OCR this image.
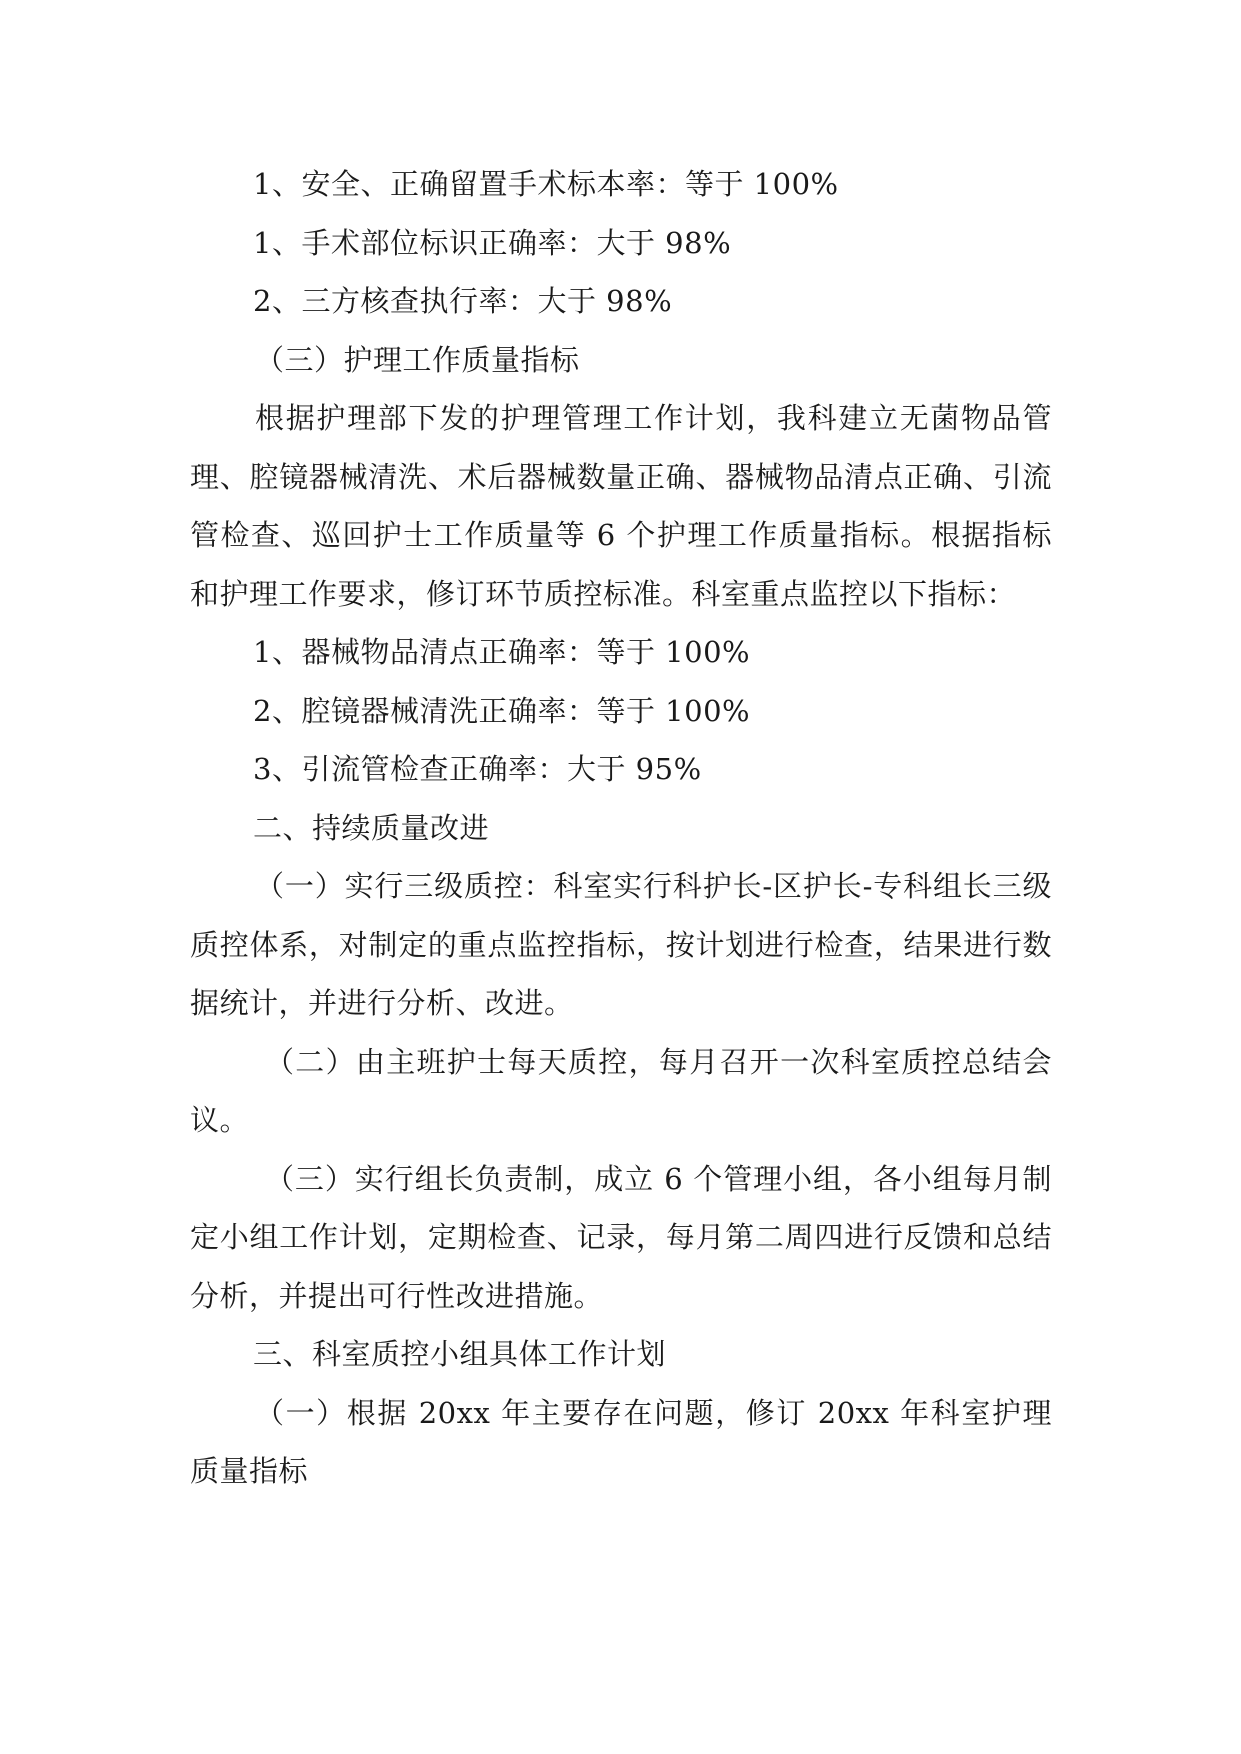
1、安全、正确留置手术标本率：等于 100%

1、手术部位标识正确率：大于 98%

2、三方核查执行率：大于 98%

（三）护理工作质量指标

根据护理部下发的护理管理工作计划，我科建立无菌物品管理、腔镜器械清洗、术后器械数量正确、器械物品清点正确、引流管检查、巡回护士工作质量等 6 个护理工作质量指标。根据指标和护理工作要求，修订环节质控标准。科室重点监控以下指标：

1、器械物品清点正确率：等于 100%

2、腔镜器械清洗正确率：等于 100%

3、引流管检查正确率：大于 95%

二、持续质量改进

（一）实行三级质控：科室实行科护长-区护长-专科组长三级质控体系，对制定的重点监控指标，按计划进行检查，结果进行数据统计，并进行分析、改进。

（二）由主班护士每天质控，每月召开一次科室质控总结会议。

（三）实行组长负责制，成立 6 个管理小组，各小组每月制定小组工作计划，定期检查、记录，每月第二周四进行反馈和总结分析，并提出可行性改进措施。

三、科室质控小组具体工作计划

（一）根据 20xx 年主要存在问题，修订 20xx 年科室护理质量指标
